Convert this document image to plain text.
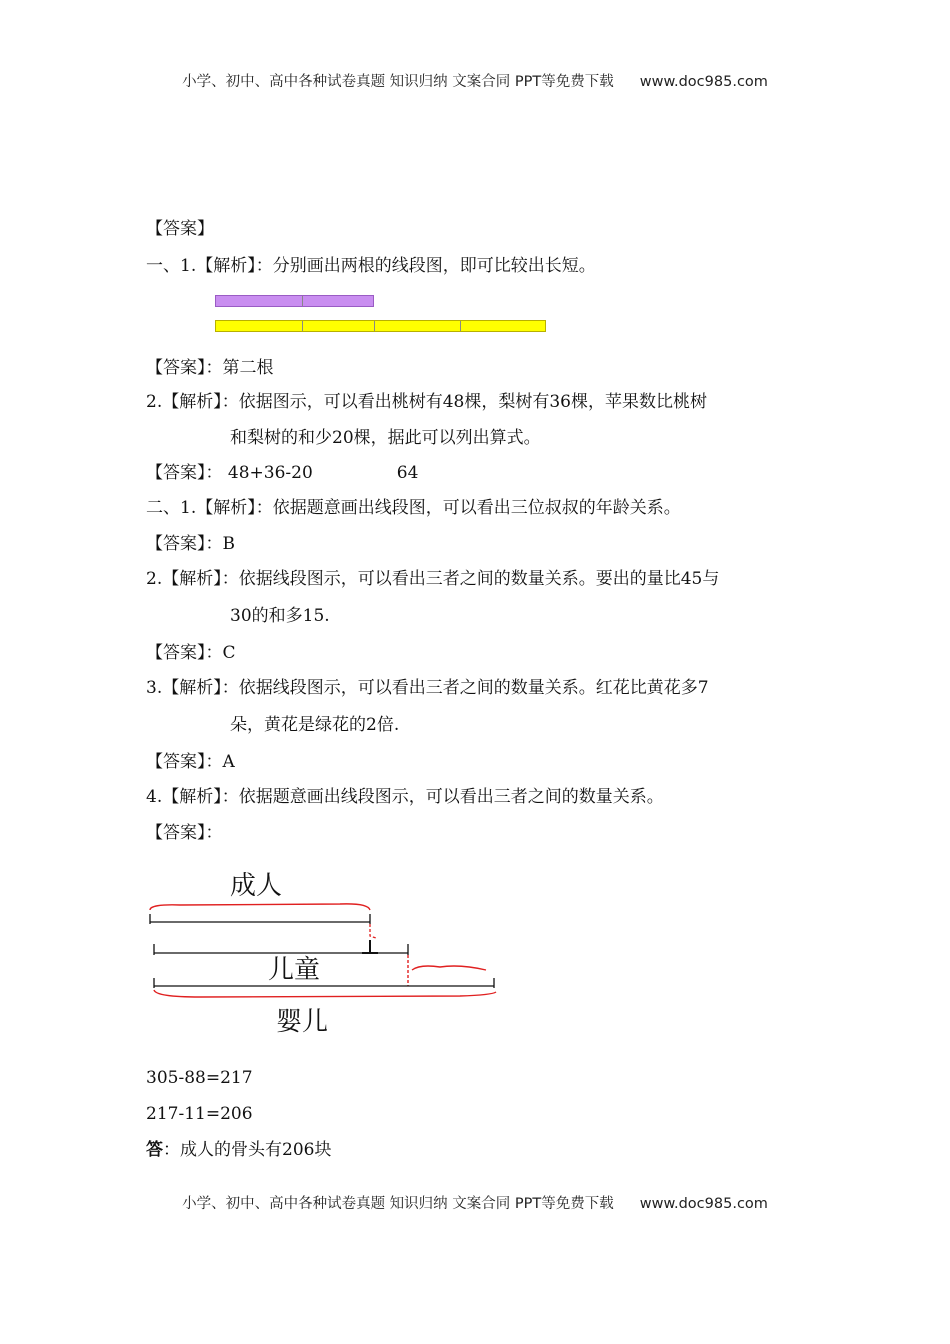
小学、初中、高中各种试卷真题 知识归纳 文案合同 PPT等免费下载 www.doc985.com
【答案】
一、1.【解析】：分别画出两根的线段图，即可比较出长短。
【答案】：第二根
2.【解析】：依据图示，可以看出桃树有48棵，梨树有36棵，苹果数比桃树
和梨树的和少20棵，据此可以列出算式。
【答案】： 48+36-20	64
二、1.【解析】：依据题意画出线段图，可以看出三位叔叔的年龄关系。
【答案】：B
2.【解析】：依据线段图示，可以看出三者之间的数量关系。要出的量比45与
30的和多15.
【答案】：C
3.【解析】：依据线段图示，可以看出三者之间的数量关系。红花比黄花多7
朵，黄花是绿花的2倍.
【答案】：A
4.【解析】：依据题意画出线段图示，可以看出三者之间的数量关系。
【答案】：
成人
儿童
婴儿
305-88=217
217-11=206
答：成人的骨头有206块
小学、初中、高中各种试卷真题 知识归纳 文案合同 PPT等免费下载 www.doc985.com
